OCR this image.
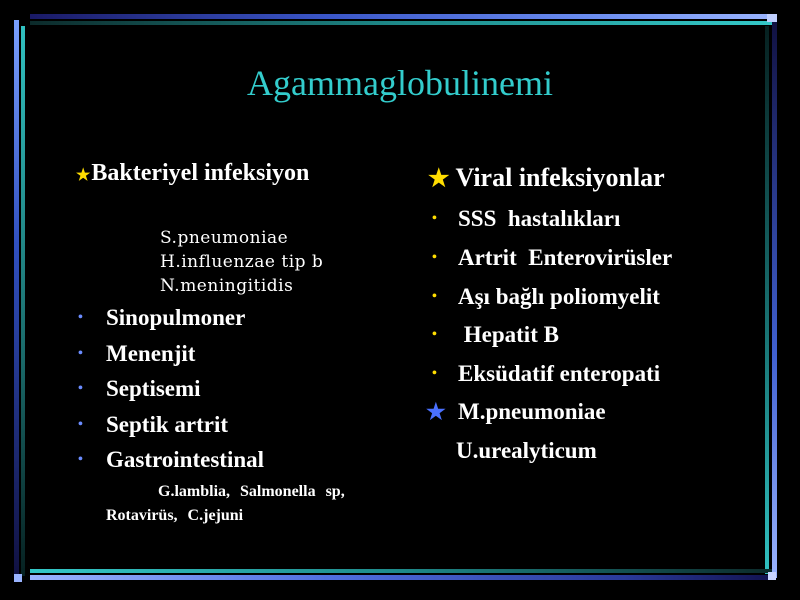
Agammaglobulinemi
★Bakteriyel infeksiyon
S.pneumoniae
H.influenzae tip b
N.meningitidis
• Sinopulmoner
• Menenjit
• Septisemi
• Septik artrit
• Gastrointestinal
G.lamblia, Salmonella sp, Rotavirüs, C.jejuni
★ Viral infeksiyonlar
• SSS  hastalıkları
• Artrit  Enterovirüsler
• Aşı bağlı poliomyelit
• Hepatit B
• Eksüdatif enteropati
★ M.pneumoniae
U.urealyticum
